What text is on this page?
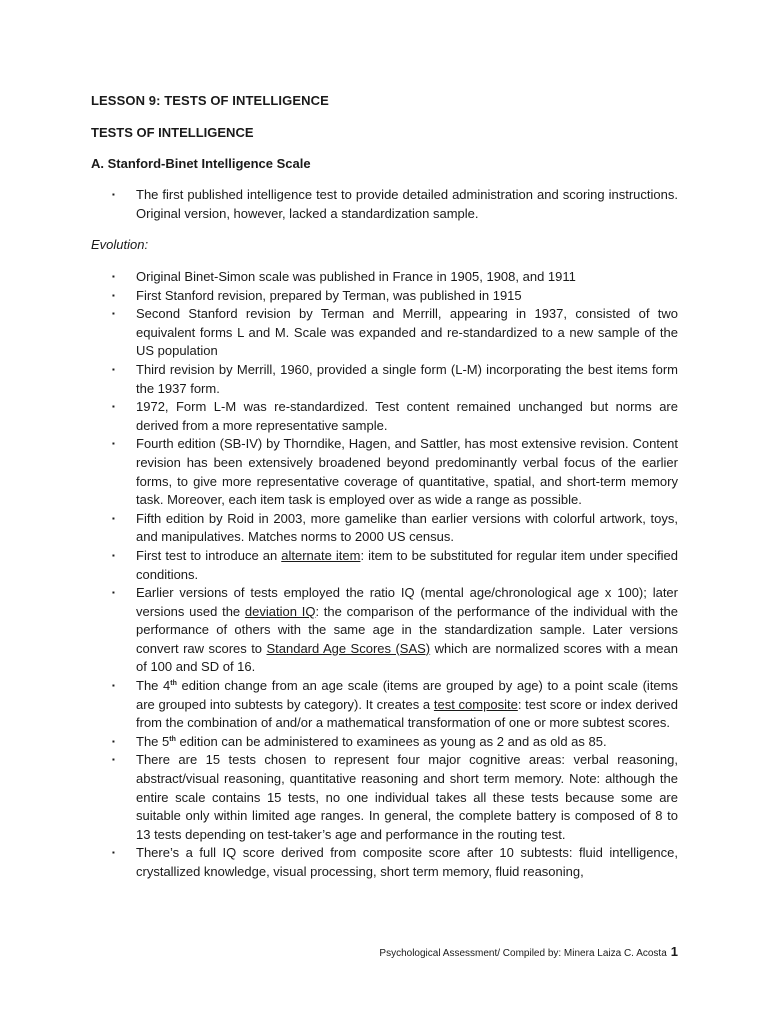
LESSON 9: TESTS OF INTELLIGENCE
TESTS OF INTELLIGENCE
A. Stanford-Binet Intelligence Scale
▪ The first published intelligence test to provide detailed administration and scoring instructions. Original version, however, lacked a standardization sample.
Evolution:
▪ Original Binet-Simon scale was published in France in 1905, 1908, and 1911
▪ First Stanford revision, prepared by Terman, was published in 1915
▪ Second Stanford revision by Terman and Merrill, appearing in 1937, consisted of two equivalent forms L and M. Scale was expanded and re-standardized to a new sample of the US population
▪ Third revision by Merrill, 1960, provided a single form (L-M) incorporating the best items form the 1937 form.
▪ 1972, Form L-M was re-standardized. Test content remained unchanged but norms are derived from a more representative sample.
▪ Fourth edition (SB-IV) by Thorndike, Hagen, and Sattler, has most extensive revision. Content revision has been extensively broadened beyond predominantly verbal focus of the earlier forms, to give more representative coverage of quantitative, spatial, and short-term memory task. Moreover, each item task is employed over as wide a range as possible.
▪ Fifth edition by Roid in 2003, more gamelike than earlier versions with colorful artwork, toys, and manipulatives. Matches norms to 2000 US census.
▪ First test to introduce an alternate item: item to be substituted for regular item under specified conditions.
▪ Earlier versions of tests employed the ratio IQ (mental age/chronological age x 100); later versions used the deviation IQ: the comparison of the performance of the individual with the performance of others with the same age in the standardization sample. Later versions convert raw scores to Standard Age Scores (SAS) which are normalized scores with a mean of 100 and SD of 16.
▪ The 4th edition change from an age scale (items are grouped by age) to a point scale (items are grouped into subtests by category). It creates a test composite: test score or index derived from the combination of and/or a mathematical transformation of one or more subtest scores.
▪ The 5th edition can be administered to examinees as young as 2 and as old as 85.
▪ There are 15 tests chosen to represent four major cognitive areas: verbal reasoning, abstract/visual reasoning, quantitative reasoning and short term memory. Note: although the entire scale contains 15 tests, no one individual takes all these tests because some are suitable only within limited age ranges. In general, the complete battery is composed of 8 to 13 tests depending on test-taker’s age and performance in the routing test.
▪ There’s a full IQ score derived from composite score after 10 subtests: fluid intelligence, crystallized knowledge, visual processing, short term memory, fluid reasoning,
Psychological Assessment/ Compiled by: Minera Laiza C. Acosta 1
